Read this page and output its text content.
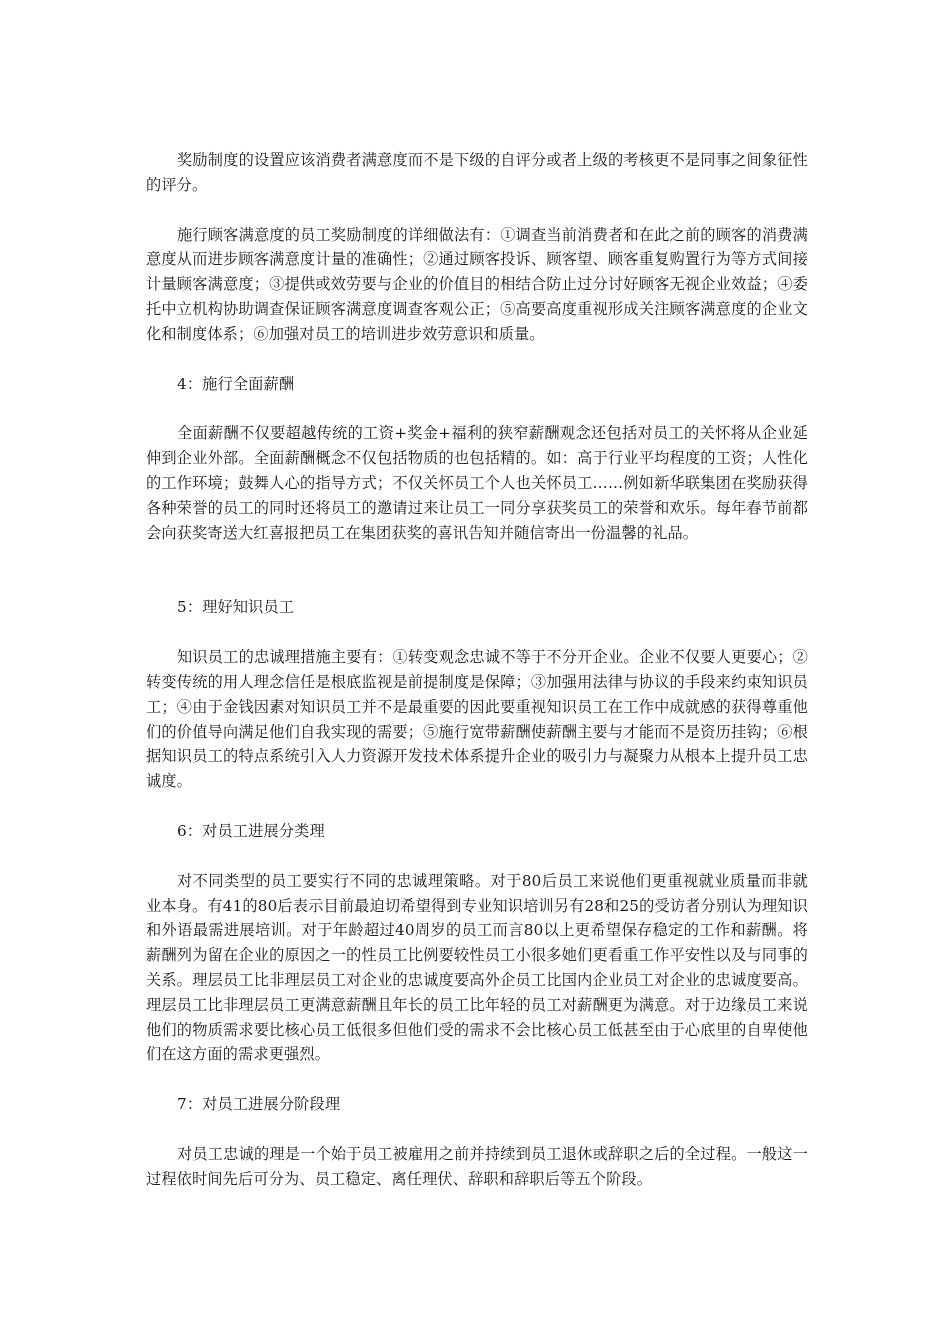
奖励制度的设置应该消费者满意度而不是下级的自评分或者上级的考核更不是同事之间象征性的评分。

施行顾客满意度的员工奖励制度的详细做法有：①调查当前消费者和在此之前的顾客的消费满意度从而进步顾客满意度计量的准确性；②通过顾客投诉、顾客望、顾客重复购置行为等方式间接计量顾客满意度；③提供或效劳要与企业的价值目的相结合防止过分讨好顾客无视企业效益；④委托中立机构协助调查保证顾客满意度调查客观公正；⑤高要高度重视形成关注顾客满意度的企业文化和制度体系；⑥加强对员工的培训进步效劳意识和质量。

4：施行全面薪酬

全面薪酬不仅要超越传统的工资+奖金+福利的狭窄薪酬观念还包括对员工的关怀将从企业延伸到企业外部。全面薪酬概念不仅包括物质的也包括精的。如：高于行业平均程度的工资；人性化的工作环境；鼓舞人心的指导方式；不仅关怀员工个人也关怀员工……例如新华联集团在奖励获得各种荣誉的员工的同时还将员工的邀请过来让员工一同分享获奖员工的荣誉和欢乐。每年春节前都会向获奖寄送大红喜报把员工在集团获奖的喜讯告知并随信寄出一份温馨的礼品。

5：理好知识员工

知识员工的忠诚理措施主要有：①转变观念忠诚不等于不分开企业。企业不仅要人更要心；②转变传统的用人理念信任是根底监视是前提制度是保障；③加强用法律与协议的手段来约束知识员工；④由于金钱因素对知识员工并不是最重要的因此要重视知识员工在工作中成就感的获得尊重他们的价值导向满足他们自我实现的需要；⑤施行宽带薪酬使薪酬主要与才能而不是资历挂钩；⑥根据知识员工的特点系统引入人力资源开发技术体系提升企业的吸引力与凝聚力从根本上提升员工忠诚度。

6：对员工进展分类理

对不同类型的员工要实行不同的忠诚理策略。对于80后员工来说他们更重视就业质量而非就业本身。有41的80后表示目前最迫切希望得到专业知识培训另有28和25的受访者分别认为理知识和外语最需进展培训。对于年龄超过40周岁的员工而言80以上更希望保存稳定的工作和薪酬。将薪酬列为留在企业的原因之一的性员工比例要较性员工小很多她们更看重工作平安性以及与同事的关系。理层员工比非理层员工对企业的忠诚度要高外企员工比国内企业员工对企业的忠诚度要高。理层员工比非理层员工更满意薪酬且年长的员工比年轻的员工对薪酬更为满意。对于边缘员工来说他们的物质需求要比核心员工低很多但他们受的需求不会比核心员工低甚至由于心底里的自卑使他们在这方面的需求更强烈。

7：对员工进展分阶段理

对员工忠诚的理是一个始于员工被雇用之前并持续到员工退休或辞职之后的全过程。一般这一过程依时间先后可分为、员工稳定、离任理伏、辞职和辞职后等五个阶段。
